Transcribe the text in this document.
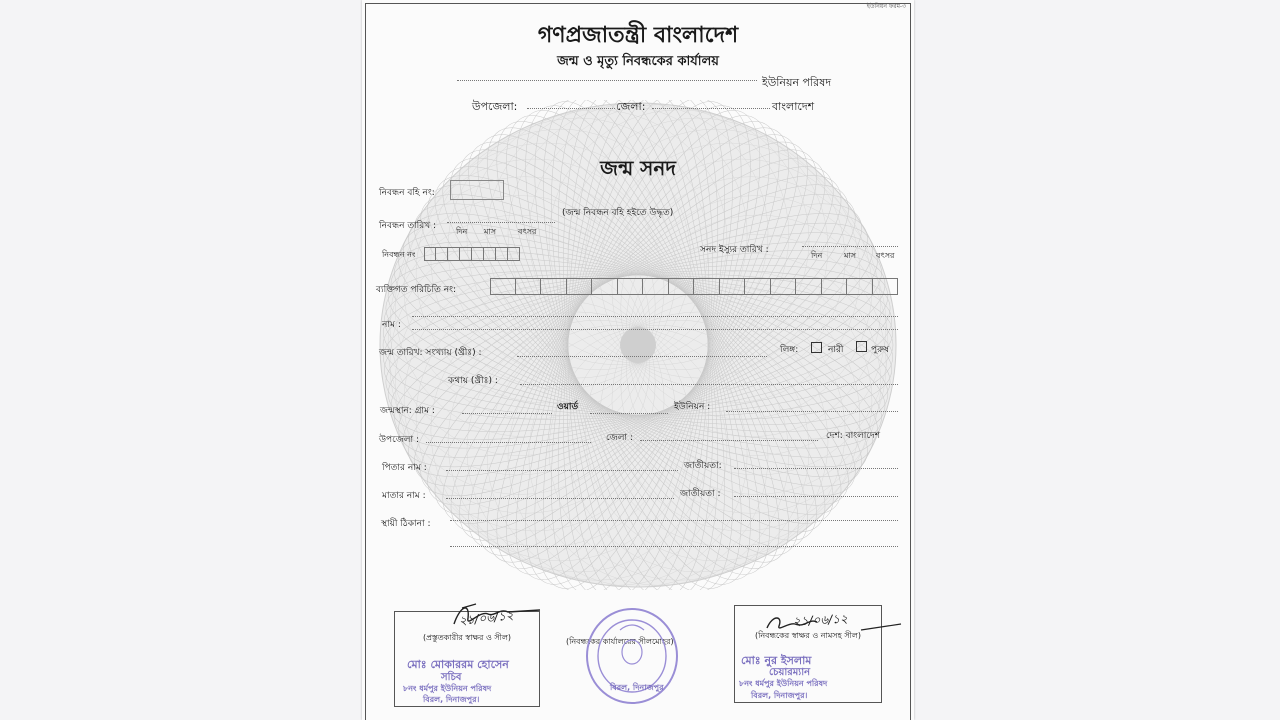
ইউনিয়ন ফরম-৩
গণপ্রজাতন্ত্রী বাংলাদেশ
জন্ম ও মৃত্যু নিবন্ধকের কার্যালয়
ইউনিয়ন পরিষদ
উপজেলা:	জেলা:	বাংলাদেশ
জন্ম সনদ
নিবন্ধন বহি নং:
নিবন্ধন তারিখ :
দিন মাস	বৎসর
(জন্ম নিবন্ধন বহি হইতে উদ্ধৃত)
নিবন্ধন নং	সনদ ইস্যুর তারিখ :
দিন	মাস বৎসর
ব্যক্তিগত পরিচিতি নং:
নাম :
জন্ম তারিখ: সংখ্যায় (খ্রীঃ) :	লিঙ্গ:	নারী	পুরুষ
কথায় (খ্রীঃ) :
জন্মস্থান: গ্রাম :	ওয়ার্ড	ইউনিয়ন :
উপজেলা :	জেলা :	দেশ: বাংলাদেশ
পিতার নাম :	জাতীয়তা:
মাতার নাম :	জাতীয়তা :
স্থায়ী ঠিকানা :
২১/০৬/১২
(প্রস্তুতকারীর স্বাক্ষর ও সীল)
মোঃ মোকাররম হোসেন
সচিব
৮নং ধর্মপুর ইউনিয়ন পরিষদ
বিরল, দিনাজপুর।
(নিবন্ধকের কার্যালয়ের সীলমোহর)
বিরল, দিনাজপুর
২১/০৬/১২
(নিবন্ধকের স্বাক্ষর ও নামসহ সীল)
মোঃ নুর ইসলাম
চেয়ারম্যান
৮নং ধর্মপুর ইউনিয়ন পরিষদ
বিরল, দিনাজপুর।
